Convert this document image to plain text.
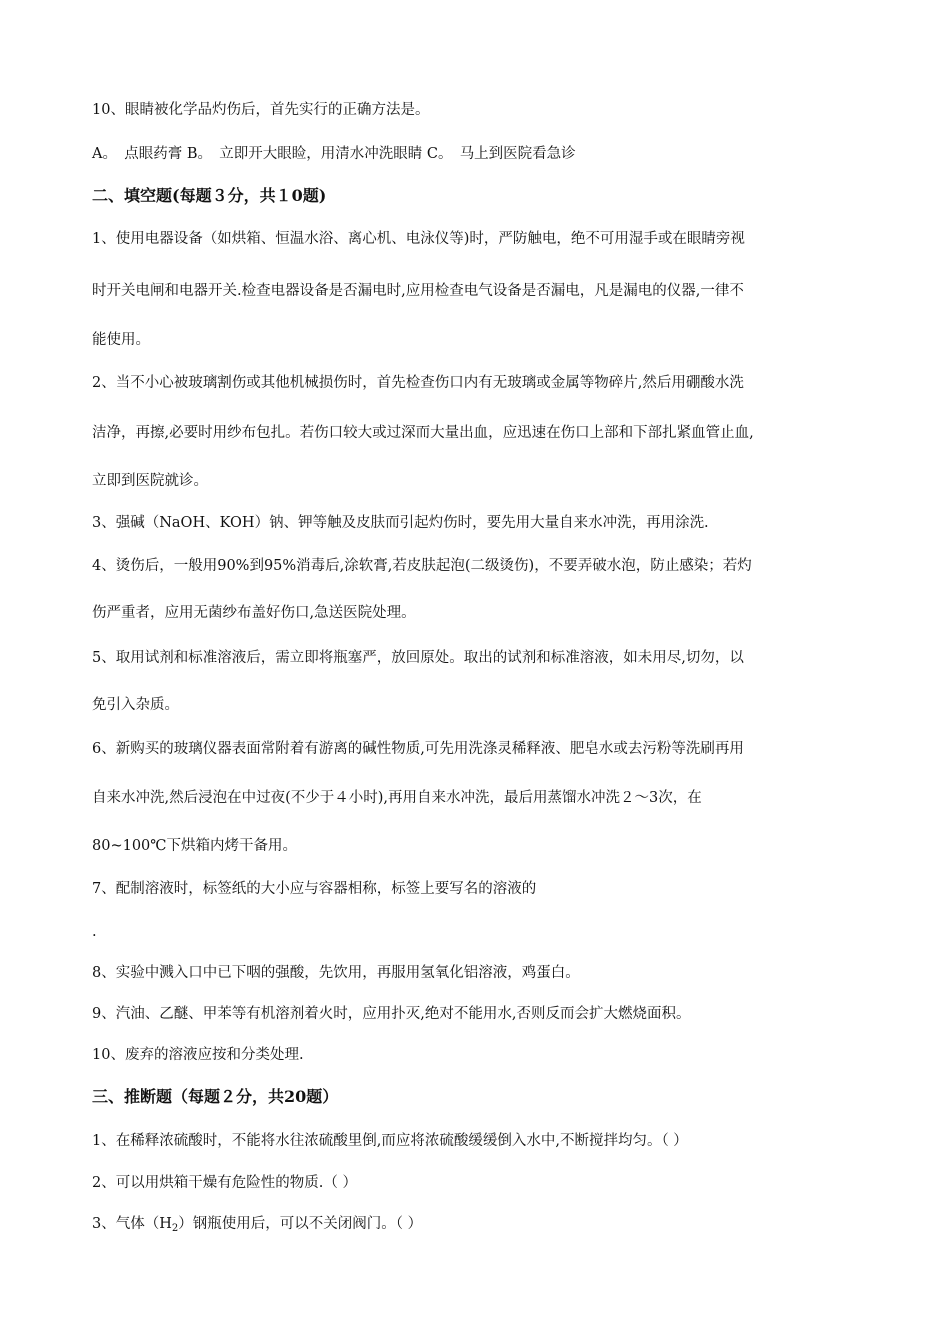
10、眼睛被化学品灼伤后，首先实行的正确方法是。
A。　点眼药膏 B。　立即开大眼睑，用清水冲洗眼睛 C。　马上到医院看急诊
二、填空题(每题３分，共１0题)
1、使用电器设备（如烘箱、恒温水浴、离心机、电泳仪等)时，严防触电，绝不可用湿手或在眼睛旁视
时开关电闸和电器开关.检查电器设备是否漏电时,应用检查电气设备是否漏电，凡是漏电的仪器,一律不
能使用。
2、当不小心被玻璃割伤或其他机械损伤时，首先检查伤口内有无玻璃或金属等物碎片,然后用硼酸水洗
洁净，再擦,必要时用纱布包扎。若伤口较大或过深而大量出血，应迅速在伤口上部和下部扎紧血管止血,
立即到医院就诊。
3、强碱（NaOH、KOH）钠、钾等触及皮肤而引起灼伤时，要先用大量自来水冲洗，再用涂洗.
4、烫伤后，一般用90%到95%消毒后,涂软膏,若皮肤起泡(二级烫伤)，不要弄破水泡，防止感染；若灼
伤严重者，应用无菌纱布盖好伤口,急送医院处理。
5、取用试剂和标准溶液后，需立即将瓶塞严，放回原处。取出的试剂和标准溶液，如未用尽,切勿，以
免引入杂质。
6、新购买的玻璃仪器表面常附着有游离的碱性物质,可先用洗涤灵稀释液、肥皂水或去污粉等洗刷再用
自来水冲洗,然后浸泡在中过夜(不少于４小时),再用自来水冲洗，最后用蒸馏水冲洗２～3次，在
80~100℃下烘箱内烤干备用。
7、配制溶液时，标签纸的大小应与容器相称，标签上要写名的溶液的
.
8、实验中溅入口中已下咽的强酸，先饮用，再服用氢氧化铝溶液，鸡蛋白。
9、汽油、乙醚、甲苯等有机溶剂着火时，应用扑灭,绝对不能用水,否则反而会扩大燃烧面积。
10、废弃的溶液应按和分类处理.
三、推断题（每题２分，共20题）
1、在稀释浓硫酸时，不能将水往浓硫酸里倒,而应将浓硫酸缓缓倒入水中,不断搅拌均匀。（ ）
2、可以用烘箱干燥有危险性的物质.（ ）
3、气体$(H_2)$钢瓶使用后，可以不关闭阀门。（ ）
